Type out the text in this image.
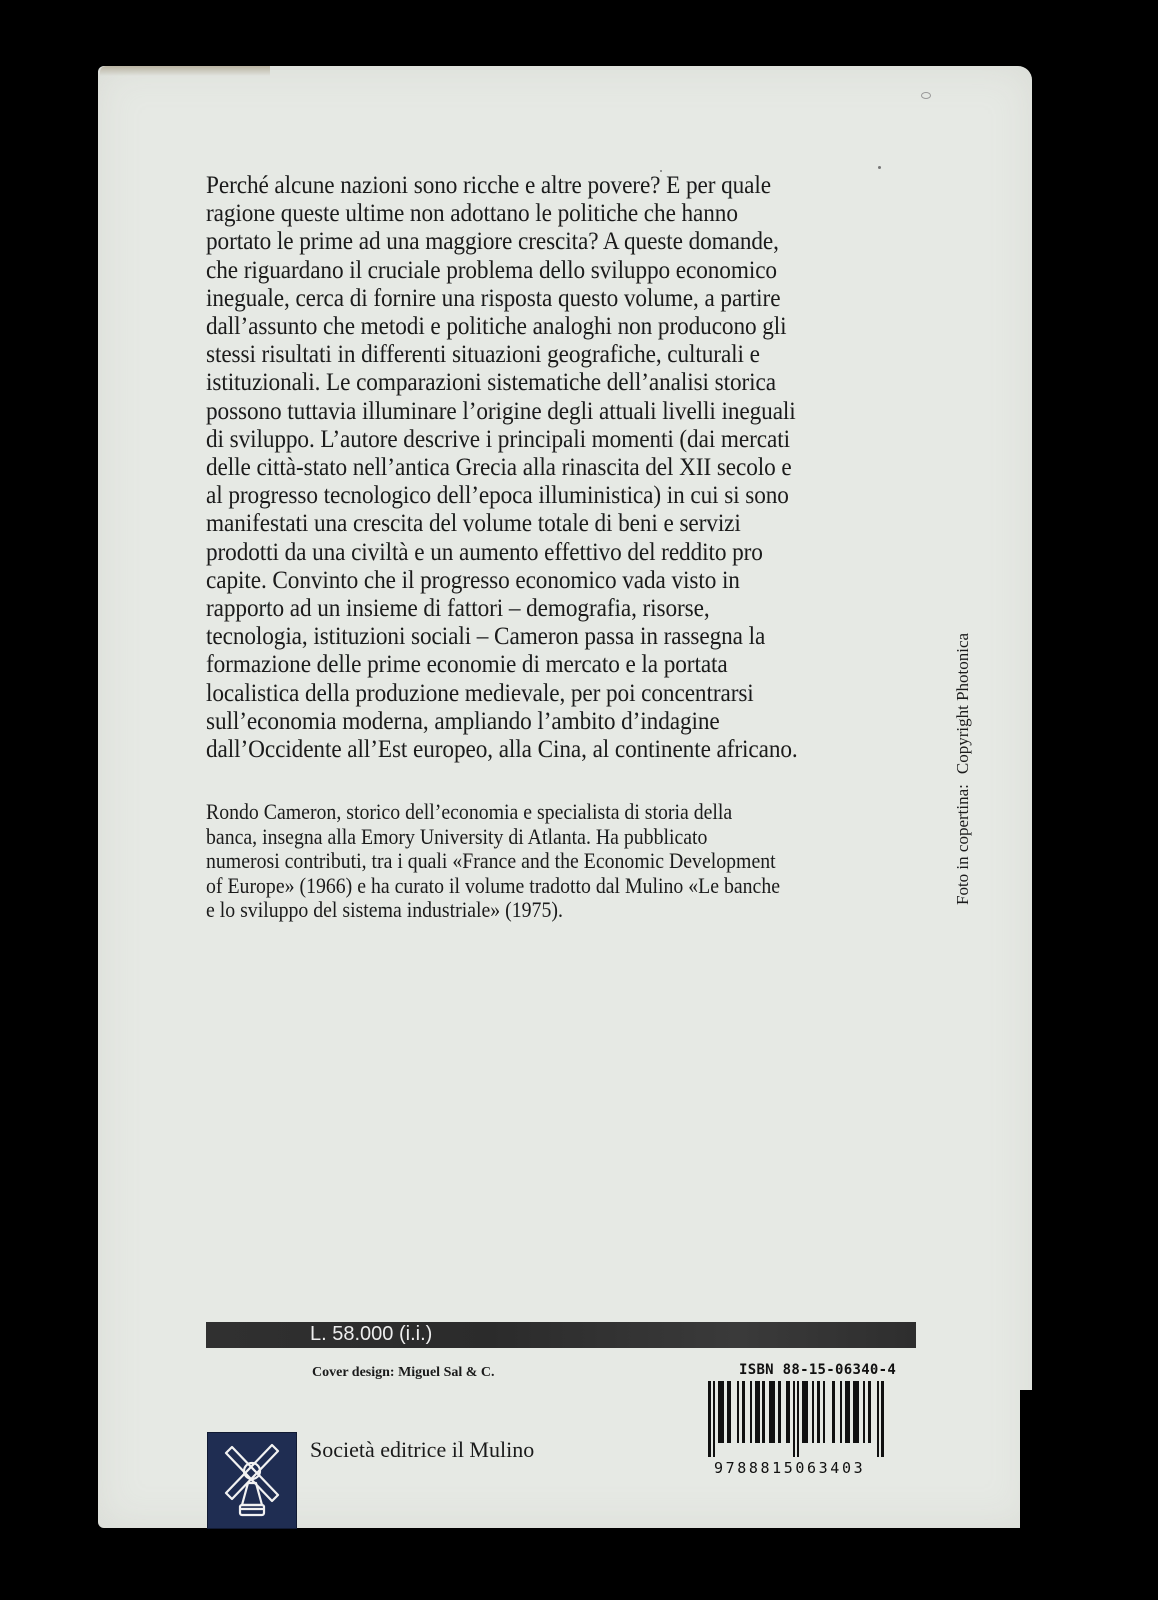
Perché alcune nazioni sono ricche e altre povere? E per quale
ragione queste ultime non adottano le politiche che hanno
portato le prime ad una maggiore crescita? A queste domande,
che riguardano il cruciale problema dello sviluppo economico
ineguale, cerca di fornire una risposta questo volume, a partire
dall’assunto che metodi e politiche analoghi non producono gli
stessi risultati in differenti situazioni geografiche, culturali e
istituzionali. Le comparazioni sistematiche dell’analisi storica
possono tuttavia illuminare l’origine degli attuali livelli ineguali
di sviluppo. L’autore descrive i principali momenti (dai mercati
delle città-stato nell’antica Grecia alla rinascita del XII secolo e
al progresso tecnologico dell’epoca illuministica) in cui si sono
manifestati una crescita del volume totale di beni e servizi
prodotti da una civiltà e un aumento effettivo del reddito pro
capite. Convinto che il progresso economico vada visto in
rapporto ad un insieme di fattori – demografia, risorse,
tecnologia, istituzioni sociali – Cameron passa in rassegna la
formazione delle prime economie di mercato e la portata
localistica della produzione medievale, per poi concentrarsi
sull’economia moderna, ampliando l’ambito d’indagine
dall’Occidente all’Est europeo, alla Cina, al continente africano.
Rondo Cameron, storico dell’economia e specialista di storia della
banca, insegna alla Emory University di Atlanta. Ha pubblicato
numerosi contributi, tra i quali «France and the Economic Development
of Europe» (1966) e ha curato il volume tradotto dal Mulino «Le banche
e lo sviluppo del sistema industriale» (1975).
Foto in copertina:Copyright Photonica
L. 58.000 (i.i.)
Cover design: Miguel Sal & C.	ISBN 88-15-06340-4
9788815063403
Società editrice il Mulino
